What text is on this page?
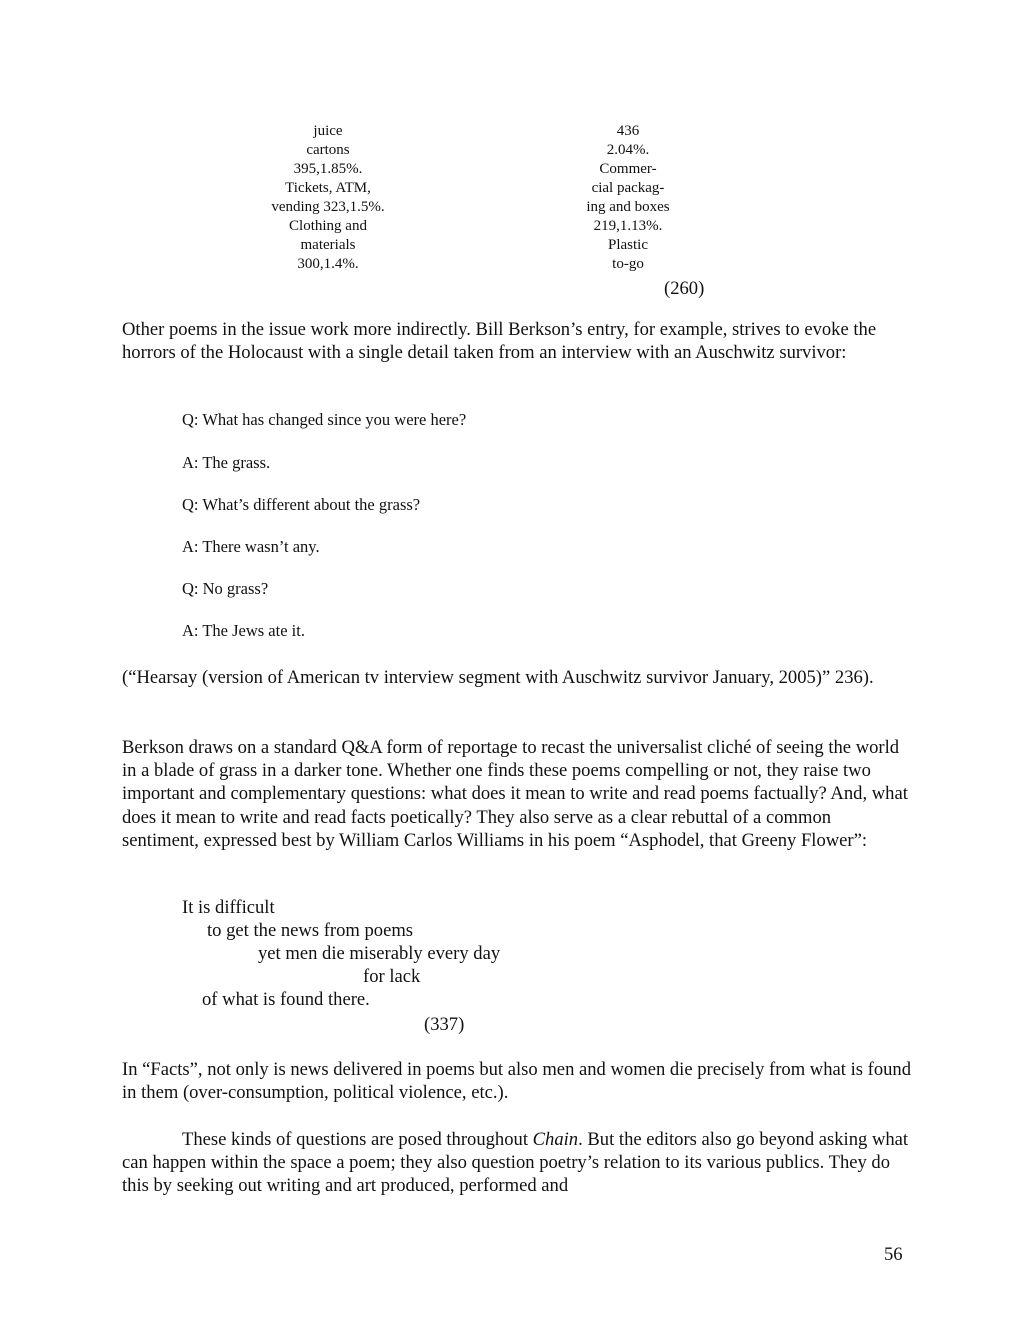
juice
cartons
395,1.85%.
Tickets, ATM,
vending 323,1.5%.
Clothing and
materials
300,1.4%.
436
2.04%.
Commer-
cial packag-
ing and boxes
219,1.13%.
Plastic
to-go
(260)

Other poems in the issue work more indirectly. Bill Berkson’s entry, for example, strives to evoke the horrors of the Holocaust with a single detail taken from an interview with an Auschwitz survivor:

Q: What has changed since you were here?
A: The grass.
Q: What’s different about the grass?
A: There wasn’t any.
Q: No grass?
A: The Jews ate it.

(“Hearsay (version of American tv interview segment with Auschwitz survivor January, 2005)” 236).

Berkson draws on a standard Q&A form of reportage to recast the universalist cliché of seeing the world in a blade of grass in a darker tone. Whether one finds these poems compelling or not, they raise two important and complementary questions: what does it mean to write and read poems factually? And, what does it mean to write and read facts poetically? They also serve as a clear rebuttal of a common sentiment, expressed best by William Carlos Williams in his poem “Asphodel, that Greeny Flower”:

It is difficult
to get the news from poems
yet men die miserably every day
for lack
of what is found there.
(337)

In “Facts”, not only is news delivered in poems but also men and women die precisely from what is found in them (over-consumption, political violence, etc.).

These kinds of questions are posed throughout Chain. But the editors also go beyond asking what can happen within the space a poem; they also question poetry’s relation to its various publics. They do this by seeking out writing and art produced, performed and

56
